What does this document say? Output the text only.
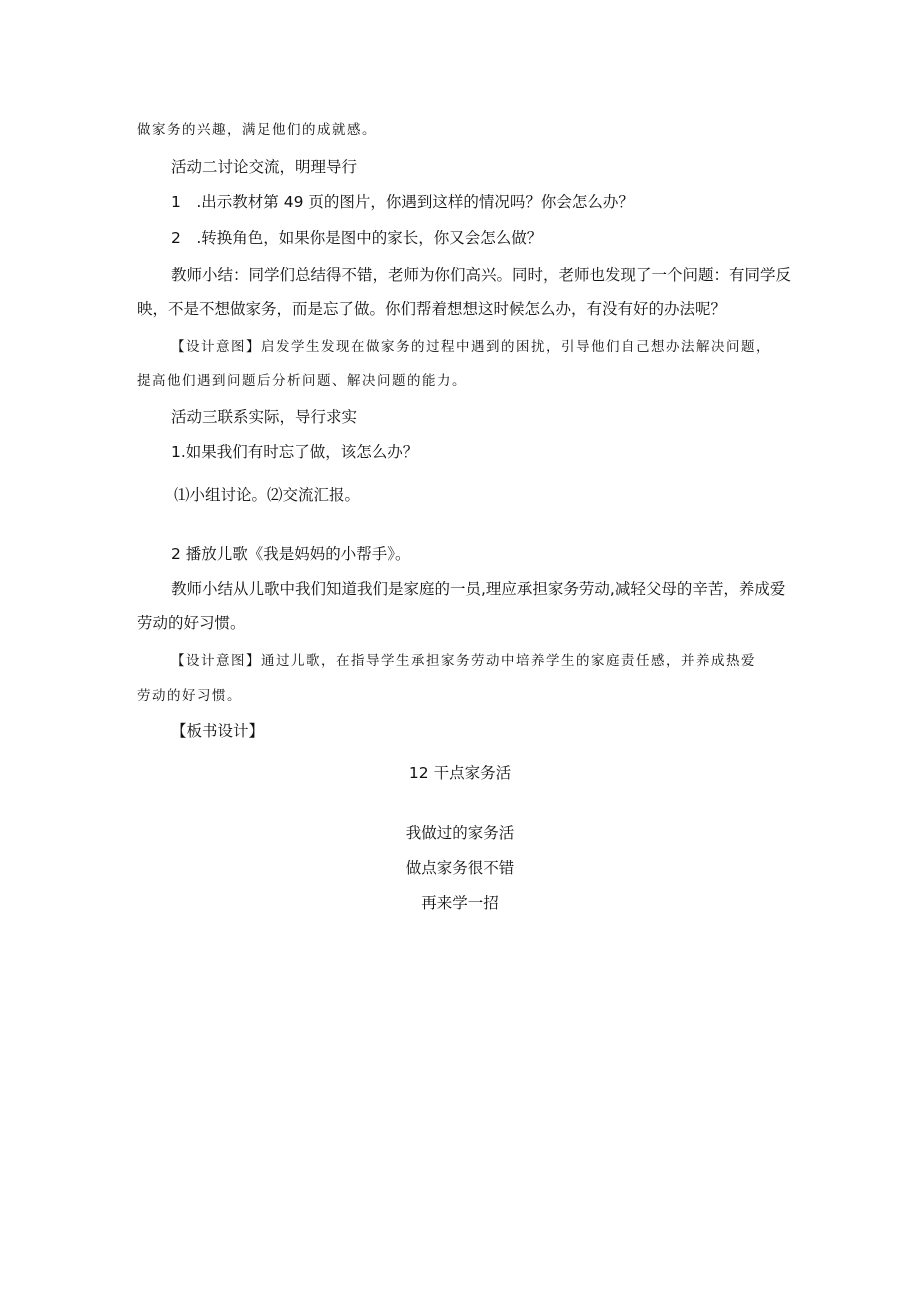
做家务的兴趣，满足他们的成就感。
活动二讨论交流，明理导行
1　.出示教材第 49 页的图片，你遇到这样的情况吗？你会怎么办？
2　.转换角色，如果你是图中的家长，你又会怎么做？
教师小结：同学们总结得不错，老师为你们高兴。同时，老师也发现了一个问题：有同学反
映，不是不想做家务，而是忘了做。你们帮着想想这时候怎么办，有没有好的办法呢？
【设计意图】启发学生发现在做家务的过程中遇到的困扰，引导他们自己想办法解决问题，
提高他们遇到问题后分析问题、解决问题的能力。
活动三联系实际，导行求实
1.如果我们有时忘了做，该怎么办？
⑴小组讨论。⑵交流汇报。
2 播放儿歌《我是妈妈的小帮手》。
教师小结从儿歌中我们知道我们是家庭的一员,理应承担家务劳动,减轻父母的辛苦，养成爱
劳动的好习惯。
【设计意图】通过儿歌，在指导学生承担家务劳动中培养学生的家庭责任感，并养成热爱
劳动的好习惯。
【板书设计】
12 干点家务活
我做过的家务活
做点家务很不错
再来学一招
